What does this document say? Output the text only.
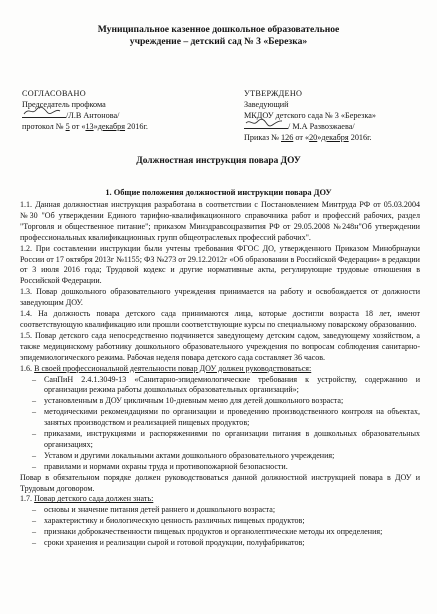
Муниципальное казенное дошкольное образовательное
учреждение – детский сад № 3 «Березка»
СОГЛАСОВАНО
Председатель профкома
/Л.В Антонова/
протокол № 5 от «13»декабря 2016г.
УТВЕРЖДЕНО
Заведующий
МКДОУ детского сада № 3 «Березка»
/ М.А Развозжаева/
Приказ № 126 от «20»декабря 2016г.
Должностная инструкция повара ДОУ
1. Общие положения должностной инструкции повара ДОУ

1.1. Данная должностная инструкция разработана в соответствии с Постановлением Минтруда РФ от 05.03.2004 №30 "Об утверждении Единого тарифно-квалификационного справочника работ и профессий рабочих, раздел "Торговля и общественное питание"; приказом Минздравсоцразвития РФ от 29.05.2008 №248н"Об утверждении профессиональных квалификационных групп общеотраслевых профессий рабочих".

1.2. При составлении инструкции были учтены требования ФГОС ДО, утвержденного Приказом Минобрнауки России от 17 октября 2013г №1155; ФЗ №273 от 29.12.2012г «Об образовании в Российской Федерации» в редакции от 3 июля 2016 года; Трудовой кодекс и другие нормативные акты, регулирующие трудовые отношения в Российской Федерации.

1.3. Повар дошкольного образовательного учреждения принимается на работу и освобождается от должности заведующим ДОУ.

1.4. На должность повара детского сада принимаются лица, которые достигли возраста 18 лет, имеют соответствующую квалификацию или прошли соответствующие курсы по специальному поварскому образованию.

1.5. Повар детского сада непосредственно подчиняется заведующему детским садом, заведующему хозяйством, а также медицинскому работнику дошкольного образовательного учреждения по вопросам соблюдения санитарно-эпидемиологического режима. Рабочая неделя повара детского сада составляет 36 часов.

1.6. В своей профессиональной деятельности повар ДОУ должен руководствоваться:

– СанПиН 2.4.1.3049-13 «Санитарно-эпидемиологические требования к устройству, содержанию и организации режима работы дошкольных образовательных организаций»;
– установленным в ДОУ цикличным 10-дневным меню для детей дошкольного возраста;
– методическими рекомендациями по организации и проведению производственного контроля на объектах, занятых производством и реализацией пищевых продуктов;
– приказами, инструкциями и распоряжениями по организации питания в дошкольных образовательных организациях;
– Уставом и другими локальными актами дошкольного образовательного учреждения;
– правилами и нормами охраны труда и противопожарной безопасности.

Повар в обязательном порядке должен руководствоваться данной должностной инструкцией повара в ДОУ и Трудовым договором.

1.7. Повар детского сада должен знать:

– основы и значение питания детей раннего и дошкольного возраста;
– характеристику и биологическую ценность различных пищевых продуктов;
– признаки доброкачественности пищевых продуктов и органолептические методы их определения;
– сроки хранения и реализации сырой и готовой продукции, полуфабрикатов;
